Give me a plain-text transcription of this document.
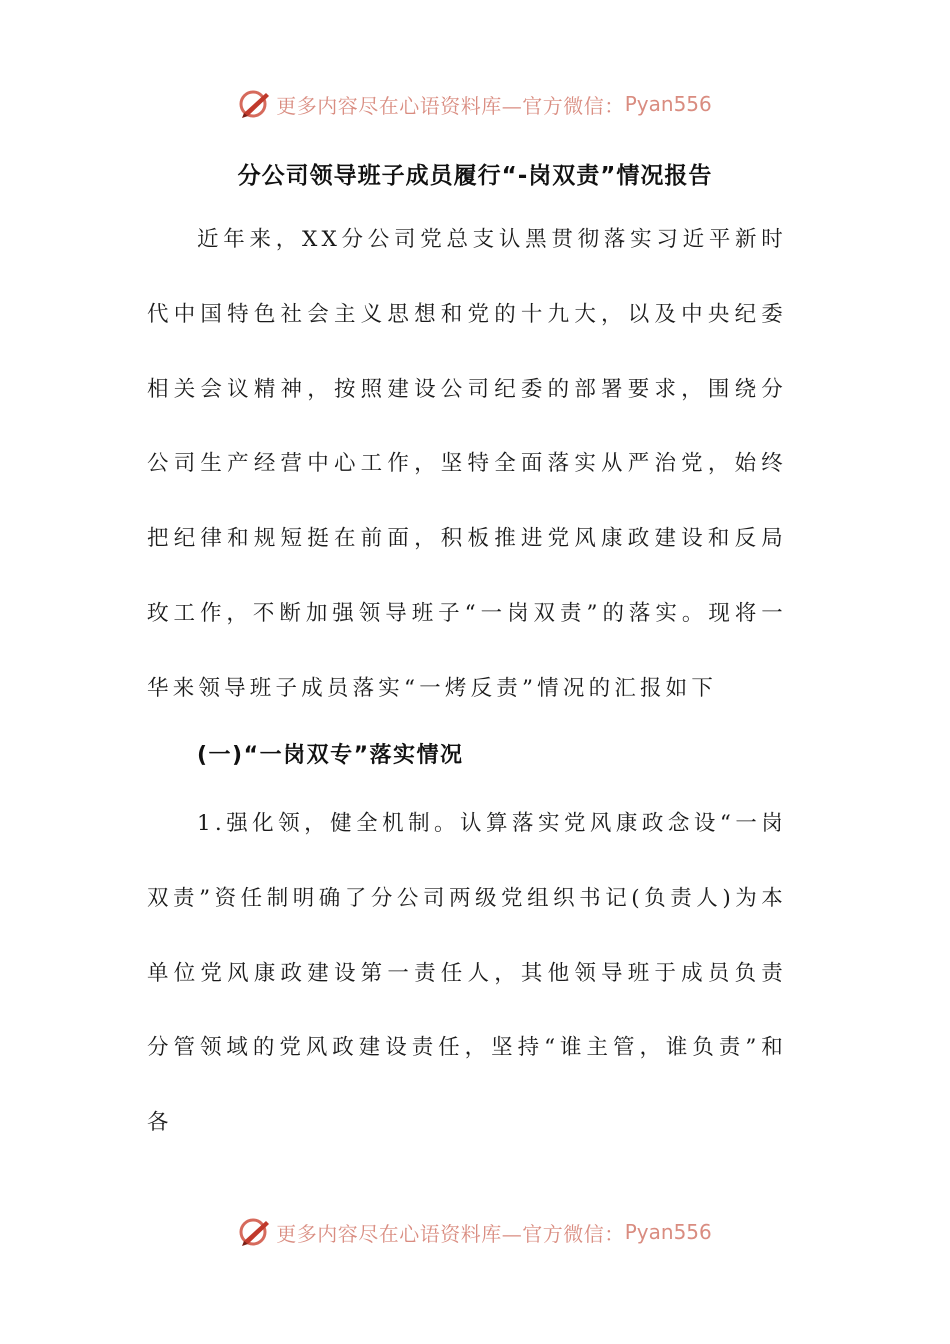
更多内容尽在心语资料库—官方微信： Pyan556
分公司领导班子成员履行“-岗双责”情况报告

近年来，XX分公司党总支认黑贯彻落实习近平新时代中国特色社会主义思想和党的十九大，以及中央纪委相关会议精神，按照建设公司纪委的部署要求，围绕分公司生产经营中心工作，坚特全面落实从严治党，始终把纪律和规短挺在前面，积板推进党风康政建设和反局玫工作，不断加强领导班子“一岗双责”的落实。现将一华来领导班子成员落实“一烤反责”情况的汇报如下

(一)“一岗双专”落实情况

1.强化领，健全机制。认算落实党风康政念设“一岗双责”资任制明确了分公司两级党组织书记(负责人)为本单位党风康政建设第一责任人，其他领导班于成员负责分管领域的党风政建设责任，坚持“谁主管，谁负责”和各

更多内容尽在心语资料库—官方微信： Pyan556
